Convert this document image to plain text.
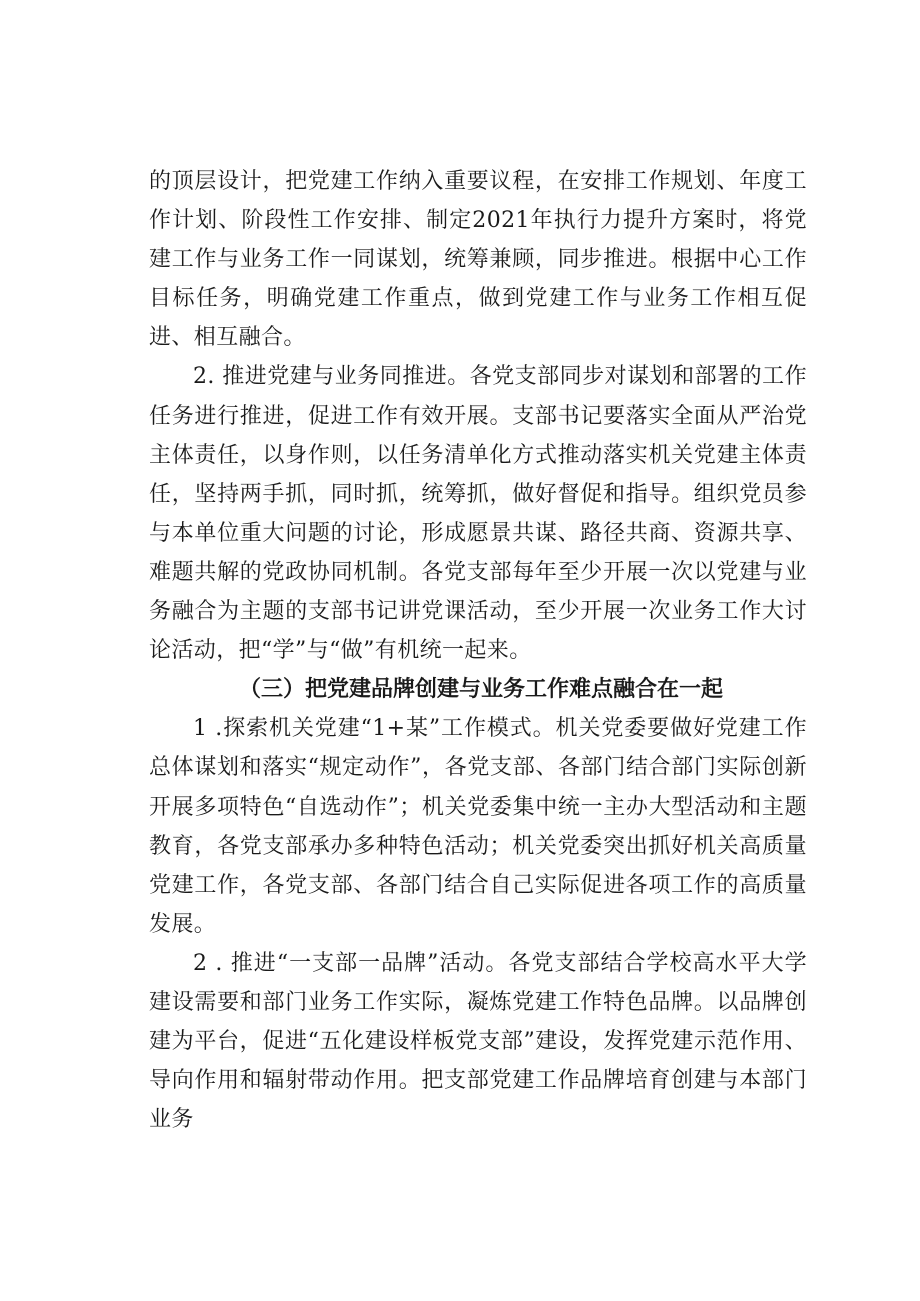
的顶层设计，把党建工作纳入重要议程，在安排工作规划、年度工作计划、阶段性工作安排、制定2021年执行力提升方案时，将党建工作与业务工作一同谋划，统筹兼顾，同步推进。根据中心工作目标任务，明确党建工作重点，做到党建工作与业务工作相互促进、相互融合。

2. 推进党建与业务同推进。各党支部同步对谋划和部署的工作任务进行推进，促进工作有效开展。支部书记要落实全面从严治党主体责任，以身作则，以任务清单化方式推动落实机关党建主体责任，坚持两手抓，同时抓，统筹抓，做好督促和指导。组织党员参与本单位重大问题的讨论，形成愿景共谋、路径共商、资源共享、难题共解的党政协同机制。各党支部每年至少开展一次以党建与业务融合为主题的支部书记讲党课活动，至少开展一次业务工作大讨论活动，把“学”与“做”有机统一起来。

（三）把党建品牌创建与业务工作难点融合在一起

1 .探索机关党建“1+某”工作模式。机关党委要做好党建工作总体谋划和落实“规定动作”，各党支部、各部门结合部门实际创新开展多项特色“自选动作”；机关党委集中统一主办大型活动和主题教育，各党支部承办多种特色活动；机关党委突出抓好机关高质量党建工作，各党支部、各部门结合自己实际促进各项工作的高质量发展。

2 . 推进“一支部一品牌”活动。各党支部结合学校高水平大学建设需要和部门业务工作实际，凝炼党建工作特色品牌。以品牌创建为平台，促进“五化建设样板党支部”建设，发挥党建示范作用、导向作用和辐射带动作用。把支部党建工作品牌培育创建与本部门业务
